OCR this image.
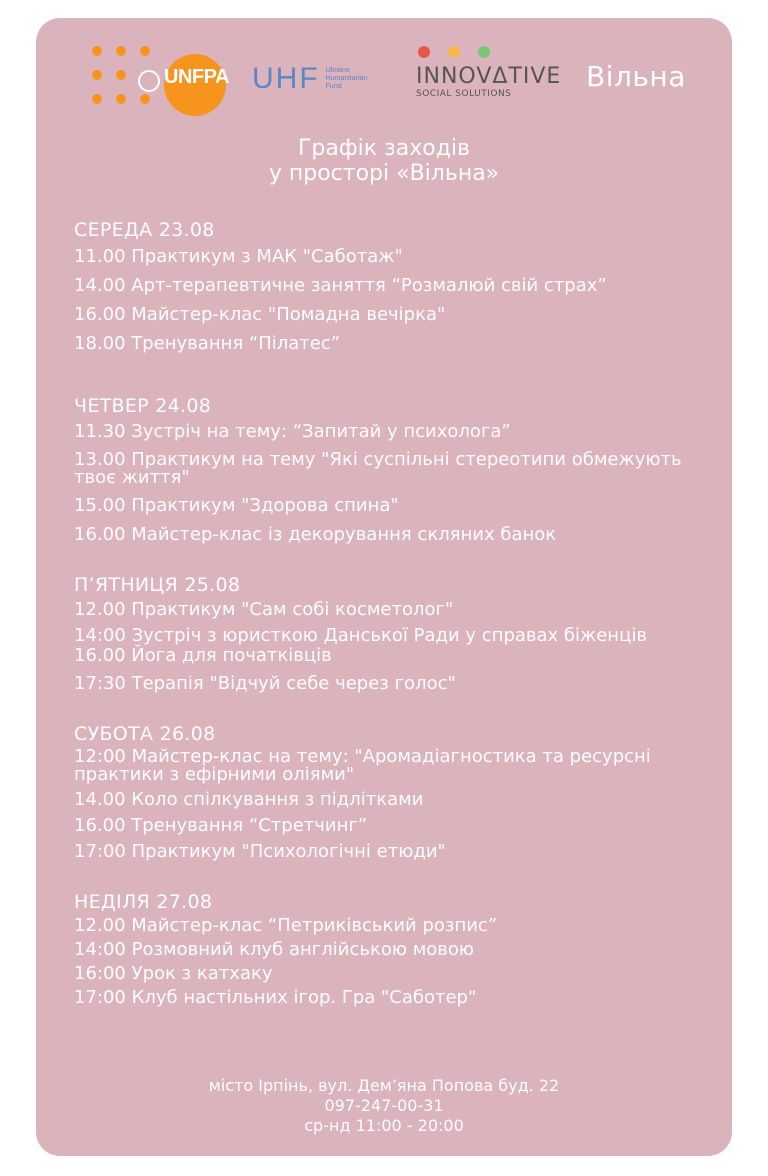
UNFPA UHF Ukraine
Humanitarian
Fund	INNOVΔTIVE
SOCIAL SOLUTIONS
Вільна
Графік заходів
у просторі «Вільна»
СЕРЕДА 23.08
11.00 Практикум з МАК "Саботаж"
14.00 Арт-терапевтичне заняття “Розмалюй свій страх”
16.00 Майстер-клас "Помадна вечірка"
18.00 Тренування “Пілатес”
ЧЕТВЕР 24.08
11.30 Зустріч на тему: “Запитай у психолога”
13.00 Практикум на тему "Які суспільні стереотипи обмежують твоє життя"
15.00 Практикум "Здорова спина"
16.00 Майстер-клас із декорування скляних банок
П’ЯТНИЦЯ 25.08
12.00 Практикум "Сам собі косметолог"
14:00 Зустріч з юристкою Данської Ради у справах біженців
16.00 Йога для початківців
17:30 Терапія "Відчуй себе через голос"
СУБОТА 26.08
12:00 Майстер-клас на тему: "Аромадіагностика та ресурсні практики з ефірними оліями"
14.00 Коло спілкування з підлітками
16.00 Тренування “Стретчинг”
17:00 Практикум "Психологічні етюди"
НЕДІЛЯ 27.08
12.00 Майстер-клас “Петриківський розпис”
14:00 Розмовний клуб англійською мовою
16:00 Урок з катхаку
17:00 Клуб настільних ігор. Гра "Саботер"
місто Ірпінь, вул. Дем’яна Попова буд. 22
097-247-00-31
ср-нд 11:00 - 20:00
